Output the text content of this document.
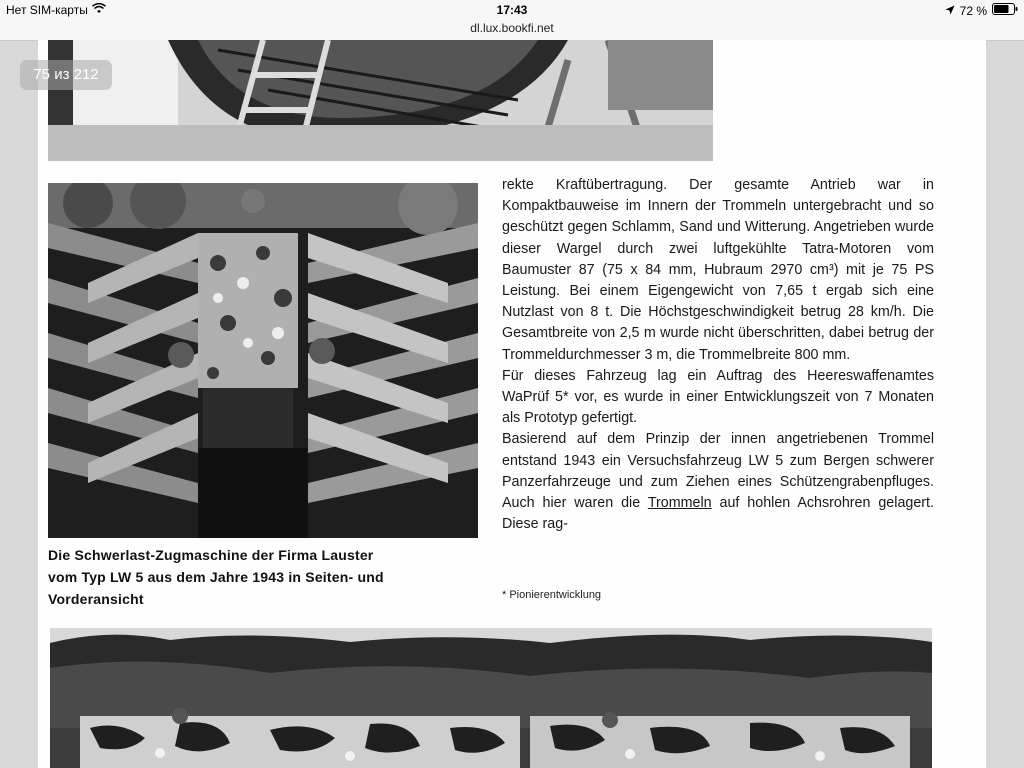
Нет SIM-карты	17:43	72 %
dl.lux.bookfi.net
75 из 212
Die Schwerlast-Zugmaschine der Firma Lauster
vom Typ LW 5 aus dem Jahre 1943 in Seiten- und
Vorderansicht

rekte Kraftübertragung. Der gesamte Antrieb war in Kompaktbauweise im Innern der Trommeln untergebracht und so geschützt gegen Schlamm, Sand und Witterung. Angetrieben wurde dieser Wargel durch zwei luftgekühlte Tatra-Motoren vom Baumuster 87 (75 x 84 mm, Hubraum 2970 cm³) mit je 75 PS Leistung. Bei einem Eigengewicht von 7,65 t ergab sich eine Nutzlast von 8 t. Die Höchstgeschwindigkeit betrug 28 km/h. Die Gesamtbreite von 2,5 m wurde nicht überschritten, dabei betrug der Trommeldurchmesser 3 m, die Trommelbreite 800 mm.

Für dieses Fahrzeug lag ein Auftrag des Heereswaffenamtes WaPrüf 5* vor, es wurde in einer Entwicklungszeit von 7 Monaten als Prototyp gefertigt.

Basierend auf dem Prinzip der innen angetriebenen Trommel entstand 1943 ein Versuchsfahrzeug LW 5 zum Bergen schwerer Panzerfahrzeuge und zum Ziehen eines Schützengrabenpfluges. Auch hier waren die Trommeln auf hohlen Achsrohren gelagert. Diese rag-

* Pionierentwicklung
